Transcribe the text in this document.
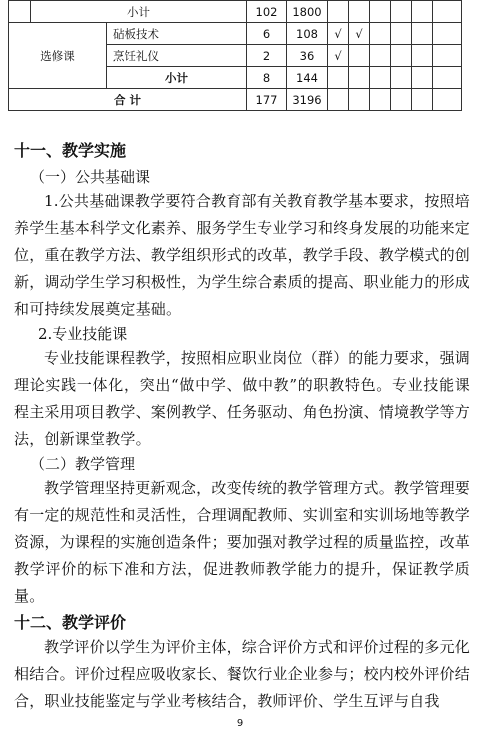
	小计		102	1800						
选修课		砧板技术	6	108	√	√				
		烹饪礼仪	2	36	√					
		小计	8	144						
合 计			177	3196						
十一、教学实施
（一）公共基础课

1.公共基础课教学要符合教育部有关教育教学基本要求，按照培养学生基本科学文化素养、服务学生专业学习和终身发展的功能来定位，重在教学方法、教学组织形式的改革，教学手段、教学模式的创新，调动学生学习积极性，为学生综合素质的提高、职业能力的形成和可持续发展奠定基础。

2.专业技能课

专业技能课程教学，按照相应职业岗位（群）的能力要求，强调理论实践一体化，突出“做中学、做中教”的职教特色。专业技能课程主采用项目教学、案例教学、任务驱动、角色扮演、情境教学等方法，创新课堂教学。

（二）教学管理

教学管理坚持更新观念，改变传统的教学管理方式。教学管理要有一定的规范性和灵活性，合理调配教师、实训室和实训场地等教学资源，为课程的实施创造条件；要加强对教学过程的质量监控，改革教学评价的标下准和方法，促进教师教学能力的提升，保证教学质量。

十二、教学评价

教学评价以学生为评价主体，综合评价方式和评价过程的多元化相结合。评价过程应吸收家长、餐饮行业企业参与；校内校外评价结合，职业技能鉴定与学业考核结合，教师评价、学生互评与自我

9
